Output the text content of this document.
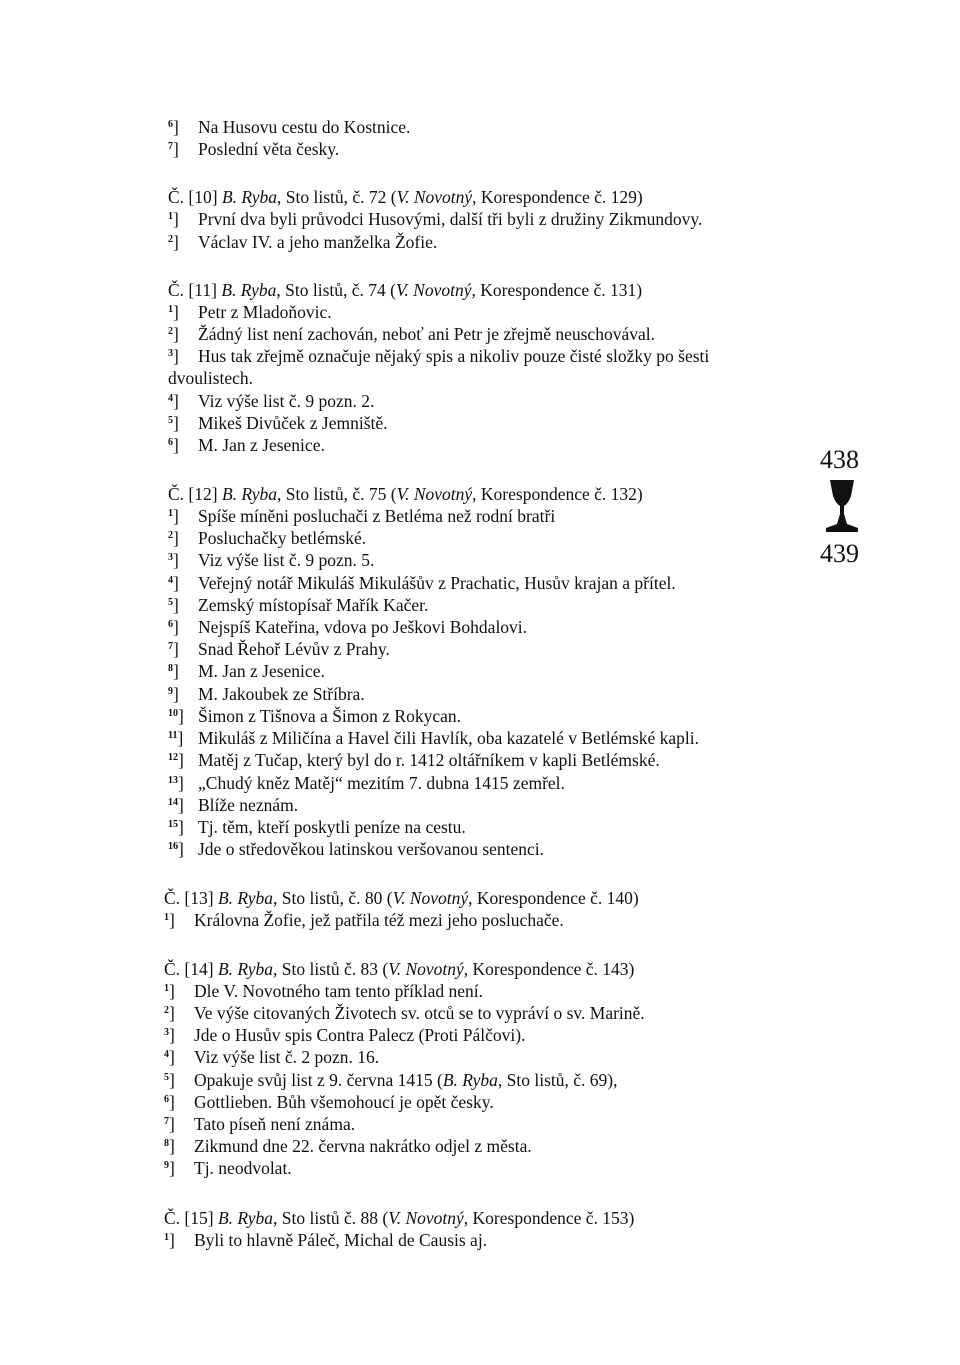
$^6$] Na Husovu cestu do Kostnice.
$^7$] Poslední věta česky.
Č. [10] B. Ryba, Sto listů, č. 72 (V. Novotný, Korespondence č. 129)
$^1$] První dva byli průvodci Husovými, další tři byli z družiny Zikmundovy.
$^2$] Václav IV. a jeho manželka Žofie.
Č. [11] B. Ryba, Sto listů, č. 74 (V. Novotný, Korespondence č. 131)
$^1$] Petr z Mladoňovic.
$^2$] Žádný list není zachován, neboť ani Petr je zřejmě neuschovával.
$^3$] Hus tak zřejmě označuje nějaký spis a nikoliv pouze čisté složky po šesti
dvoulistech.
$^4$] Viz výše list č. 9 pozn. 2.
$^5$] Mikeš Divůček z Jemniště.
$^6$] M. Jan z Jesenice.
Č. [12] B. Ryba, Sto listů, č. 75 (V. Novotný, Korespondence č. 132)
$^1$] Spíše míněni posluchači z Betléma než rodní bratři
$^2$] Posluchačky betlémské.
$^3$] Viz výše list č. 9 pozn. 5.
$^4$] Veřejný notář Mikuláš Mikulášův z Prachatic, Husův krajan a přítel.
$^5$] Zemský místopísař Mařík Kačer.
$^6$] Nejspíš Kateřina, vdova po Ješkovi Bohdalovi.
$^7$] Snad Řehoř Lévův z Prahy.
$^8$] M. Jan z Jesenice.
$^9$] M. Jakoubek ze Stříbra.
$^{10}$] Šimon z Tišnova a Šimon z Rokycan.
$^{11}$] Mikuláš z Miličína a Havel čili Havlík, oba kazatelé v Betlémské kapli.
$^{12}$] Matěj z Tučap, který byl do r. 1412 oltářníkem v kapli Betlémské.
$^{13}$] „Chudý kněz Matěj“ mezitím 7. dubna 1415 zemřel.
$^{14}$] Blíže neznám.
$^{15}$] Tj. těm, kteří poskytli peníze na cestu.
$^{16}$] Jde o středověkou latinskou veršovanou sentenci.
Č. [13] B. Ryba, Sto listů, č. 80 (V. Novotný, Korespondence č. 140)
$^1$] Královna Žofie, jež patřila též mezi jeho posluchače.
Č. [14] B. Ryba, Sto listů č. 83 (V. Novotný, Korespondence č. 143)
$^1$] Dle V. Novotného tam tento příklad není.
$^2$] Ve výše citovaných Životech sv. otců se to vypráví o sv. Marině.
$^3$] Jde o Husův spis Contra Palecz (Proti Pálčovi).
$^4$] Viz výše list č. 2 pozn. 16.
$^5$] Opakuje svůj list z 9. června 1415 (B. Ryba, Sto listů, č. 69),
$^6$] Gottlieben. Bůh všemohoucí je opět česky.
$^7$] Tato píseň není známa.
$^8$] Zikmund dne 22. června nakrátko odjel z města.
$^9$] Tj. neodvolat.
Č. [15] B. Ryba, Sto listů č. 88 (V. Novotný, Korespondence č. 153)
$^1$] Byli to hlavně Páleč, Michal de Causis aj.
438
439
